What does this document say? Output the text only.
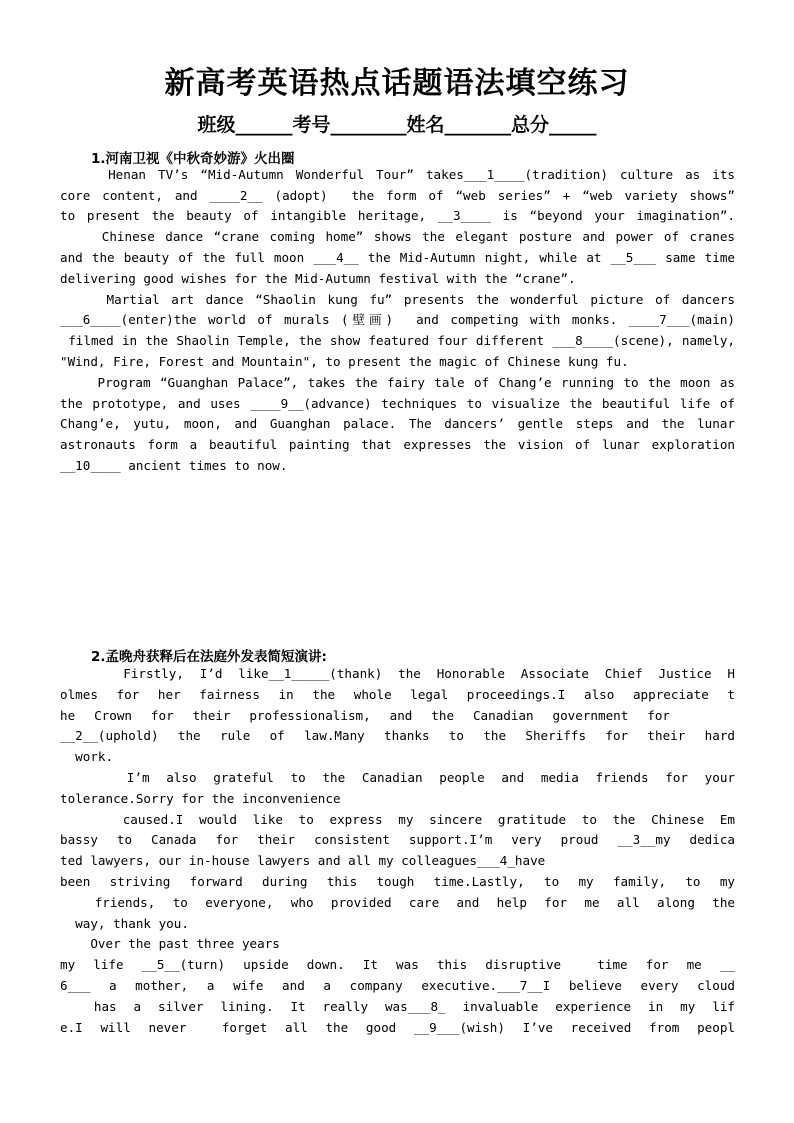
新高考英语热点话题语法填空练习
班级______考号________姓名_______总分_____
1.河南卫视《中秋奇妙游》火出圈
Henan TV’s “Mid-Autumn Wonderful Tour” takes___1____(tradition) culture as its
core content, and ____2__ (adopt)  the form of “web series” + “web variety shows”
to present the beauty of intangible heritage, __3____ is “beyond your imagination”.
Chinese dance “crane coming home” shows the elegant posture and power of cranes
and the beauty of the full moon ___4__ the Mid-Autumn night, while at __5___ same time
delivering good wishes for the Mid-Autumn festival with the “crane”.
Martial art dance “Shaolin kung fu” presents the wonderful picture of dancers
___6____(enter)the world of murals (壁画)  and competing with monks. ____7___(main)
filmed in the Shaolin Temple, the show featured four different ___8____(scene), namely,
"Wind, Fire, Forest and Mountain", to present the magic of Chinese kung fu.
Program “Guanghan Palace”, takes the fairy tale of Chang’e running to the moon as
the prototype, and uses ____9__(advance) techniques to visualize the beautiful life of
Chang’e, yutu, moon, and Guanghan palace. The dancers’ gentle steps and the lunar
astronauts form a beautiful painting that expresses the vision of lunar exploration
__10____ ancient times to now.
2.孟晚舟获释后在法庭外发表简短演讲:
Firstly, I’d like__1_____(thank) the Honorable Associate Chief Justice H
olmes for her fairness in the whole legal proceedings.I also appreciate t
he Crown for their professionalism, and the Canadian government for
__2__(uphold) the rule of law.Many thanks to the Sheriffs for their hard
work.
I’m also grateful to the Canadian people and media friends for your
tolerance.Sorry for the inconvenience
caused.I would like to express my sincere gratitude to the Chinese Em
bassy to Canada for their consistent support.I’m very proud __3__my dedica
ted lawyers, our in-house lawyers and all my colleagues___4_have
been striving forward during this tough time.Lastly, to my family, to my
friends, to everyone, who provided care and help for me all along the
way, thank you.
Over the past three years
my life __5__(turn) upside down. It was this disruptive  time for me __
6___ a mother, a wife and a company executive.___7__I believe every cloud
has a silver lining. It really was___8_ invaluable experience in my lif
e.I will never  forget all the good __9___(wish) I’ve received from peopl
